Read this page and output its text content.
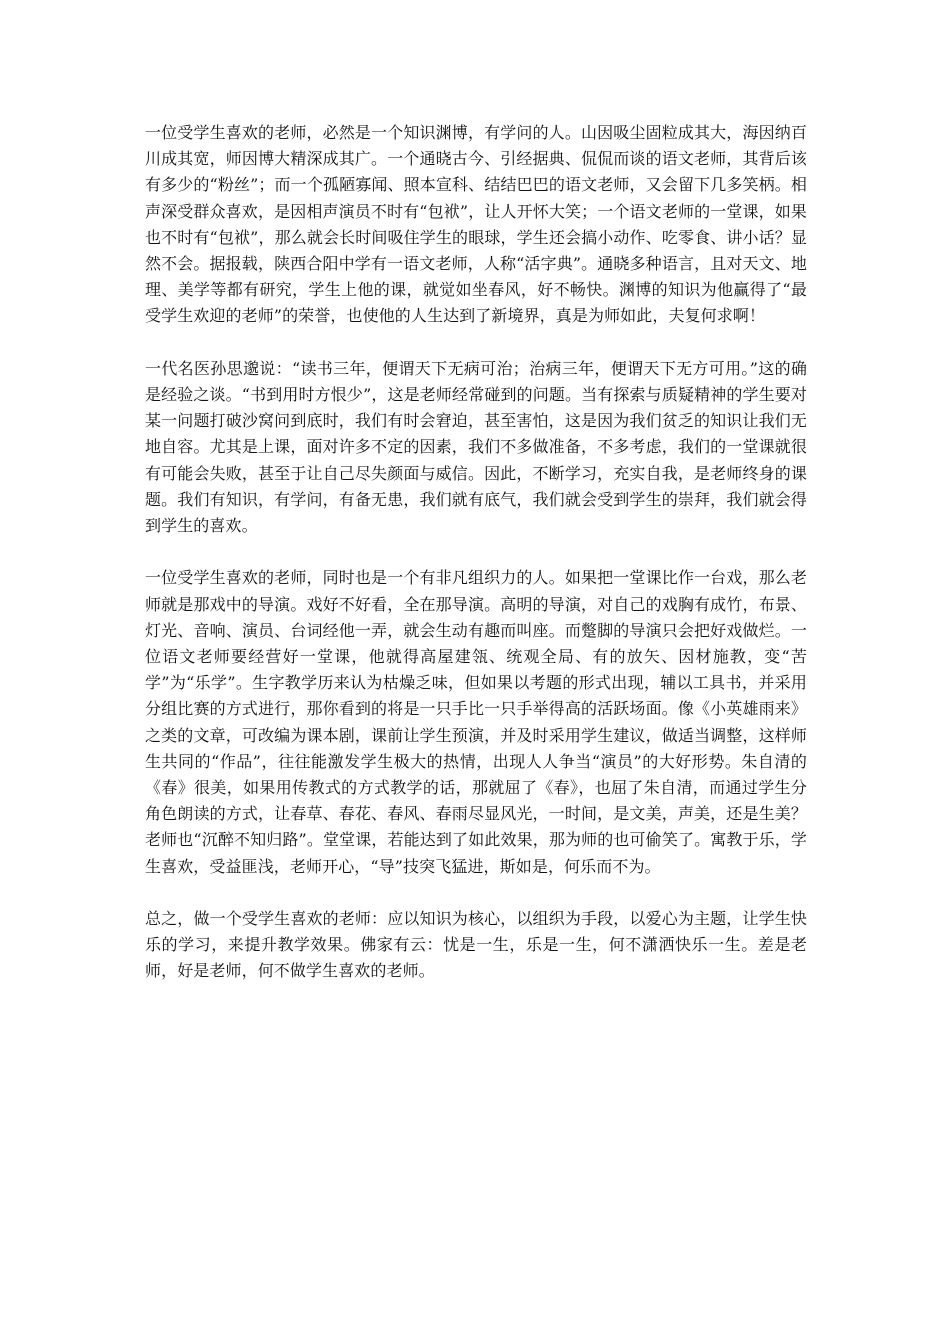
一位受学生喜欢的老师，必然是一个知识渊博，有学问的人。山因吸尘固粒成其大，海因纳百川成其宽，师因博大精深成其广。一个通晓古今、引经据典、侃侃而谈的语文老师，其背后该有多少的“粉丝”；而一个孤陋寡闻、照本宣科、结结巴巴的语文老师，又会留下几多笑柄。相声深受群众喜欢，是因相声演员不时有“包袱”，让人开怀大笑；一个语文老师的一堂课，如果也不时有“包袱”，那么就会长时间吸住学生的眼球，学生还会搞小动作、吃零食、讲小话？显然不会。据报载，陕西合阳中学有一语文老师，人称“活字典”。通晓多种语言，且对天文、地理、美学等都有研究，学生上他的课，就觉如坐春风，好不畅快。渊博的知识为他赢得了“最受学生欢迎的老师”的荣誉，也使他的人生达到了新境界，真是为师如此，夫复何求啊！

一代名医孙思邈说：“读书三年，便谓天下无病可治；治病三年，便谓天下无方可用。”这的确是经验之谈。“书到用时方恨少”，这是老师经常碰到的问题。当有探索与质疑精神的学生要对某一问题打破沙窝问到底时，我们有时会窘迫，甚至害怕，这是因为我们贫乏的知识让我们无地自容。尤其是上课，面对许多不定的因素，我们不多做准备，不多考虑，我们的一堂课就很有可能会失败，甚至于让自己尽失颜面与威信。因此，不断学习，充实自我，是老师终身的课题。我们有知识，有学问，有备无患，我们就有底气，我们就会受到学生的崇拜，我们就会得到学生的喜欢。

一位受学生喜欢的老师，同时也是一个有非凡组织力的人。如果把一堂课比作一台戏，那么老师就是那戏中的导演。戏好不好看，全在那导演。高明的导演，对自己的戏胸有成竹，布景、灯光、音响、演员、台词经他一弄，就会生动有趣而叫座。而蹩脚的导演只会把好戏做烂。一位语文老师要经营好一堂课，他就得高屋建瓴、统观全局、有的放矢、因材施教，变“苦学”为“乐学”。生字教学历来认为枯燥乏味，但如果以考题的形式出现，辅以工具书，并采用分组比赛的方式进行，那你看到的将是一只手比一只手举得高的活跃场面。像《小英雄雨来》之类的文章，可改编为课本剧，课前让学生预演，并及时采用学生建议，做适当调整，这样师生共同的“作品”，往往能激发学生极大的热情，出现人人争当“演员”的大好形势。朱自清的《春》很美，如果用传教式的方式教学的话，那就屈了《春》，也屈了朱自清，而通过学生分角色朗读的方式，让春草、春花、春风、春雨尽显风光，一时间，是文美，声美，还是生美？老师也“沉醉不知归路”。堂堂课，若能达到了如此效果，那为师的也可偷笑了。寓教于乐，学生喜欢，受益匪浅，老师开心，“导”技突飞猛进，斯如是，何乐而不为。

总之，做一个受学生喜欢的老师：应以知识为核心，以组织为手段，以爱心为主题，让学生快乐的学习，来提升教学效果。佛家有云：忧是一生，乐是一生，何不潇洒快乐一生。差是老师，好是老师，何不做学生喜欢的老师。
